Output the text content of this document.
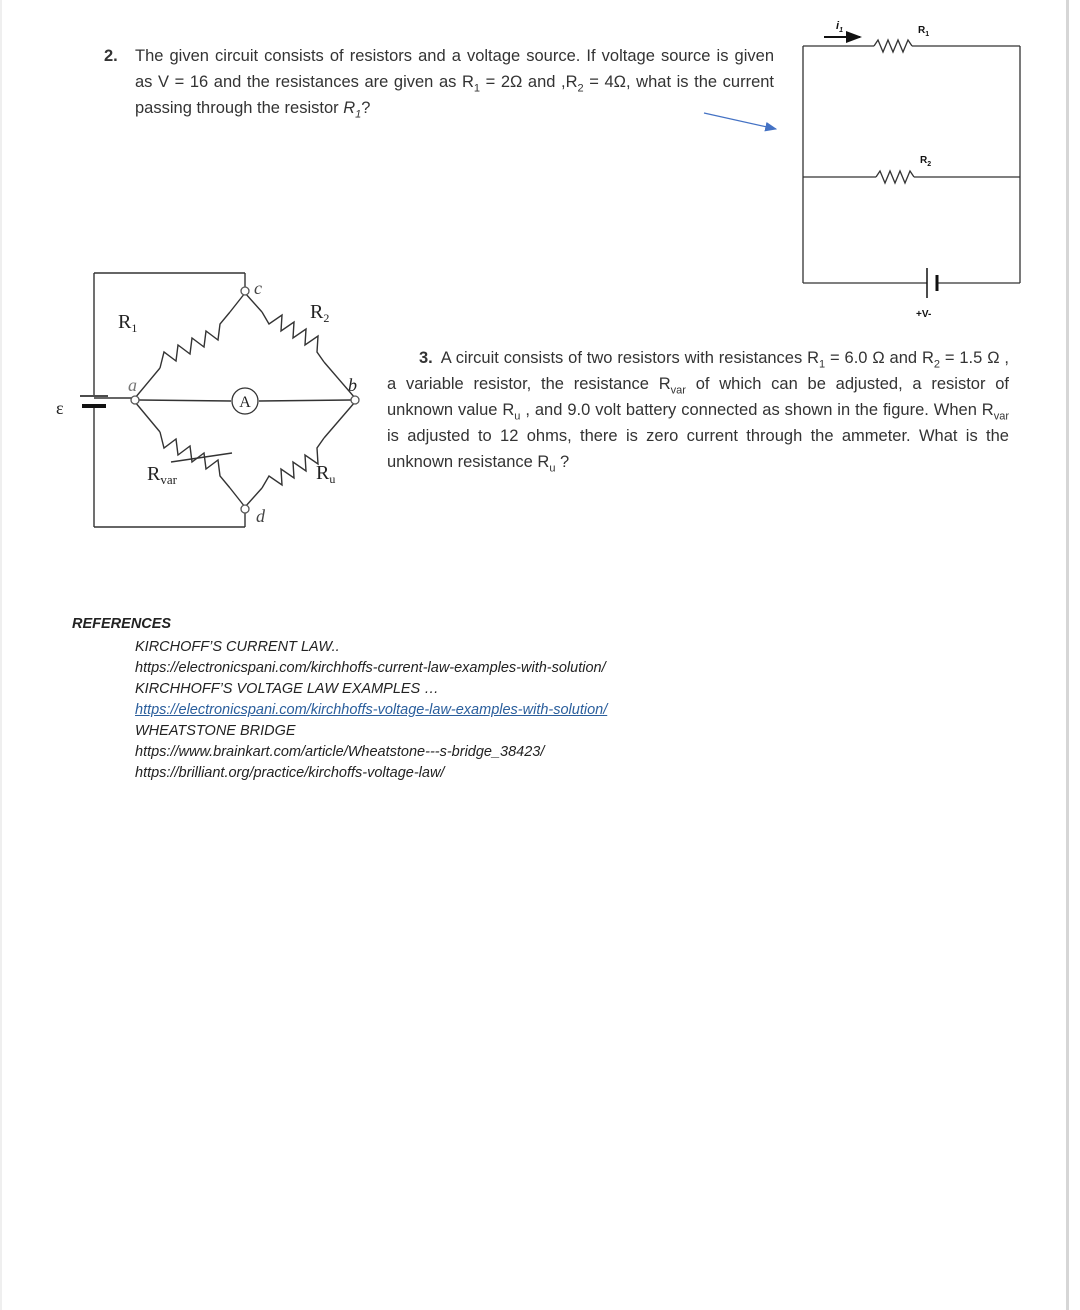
2. The given circuit consists of resistors and a voltage source. If voltage source is given as V = 16 and the resistances are given as $R_1 = 2\Omega$ and $,R_2 = 4\Omega$, what is the current passing through the resistor $R_1$?
$i_1$	$R_1$
$R_2$
+V-
A
ε
a	b
c
d
$R_1$
$R_2$
$R_{var}$	$R_u$
3. A circuit consists of two resistors with resistances $R_1 = 6.0$ Ω and $R_2 = 1.5$ Ω , a variable resistor, the resistance $R_{var}$ of which can be adjusted, a resistor of unknown value $R_u$ , and 9.0 volt battery connected as shown in the figure. When $R_{var}$ is adjusted to 12 ohms, there is zero current through the ammeter. What is the unknown resistance $R_u$ ?
REFERENCES
KIRCHOFF’S CURRENT LAW..
https://electronicspani.com/kirchhoffs-current-law-examples-with-solution/
KIRCHHOFF’S VOLTAGE LAW EXAMPLES …
https://electronicspani.com/kirchhoffs-voltage-law-examples-with-solution/
WHEATSTONE BRIDGE
https://www.brainkart.com/article/Wheatstone---s-bridge_38423/
https://brilliant.org/practice/kirchoffs-voltage-law/
